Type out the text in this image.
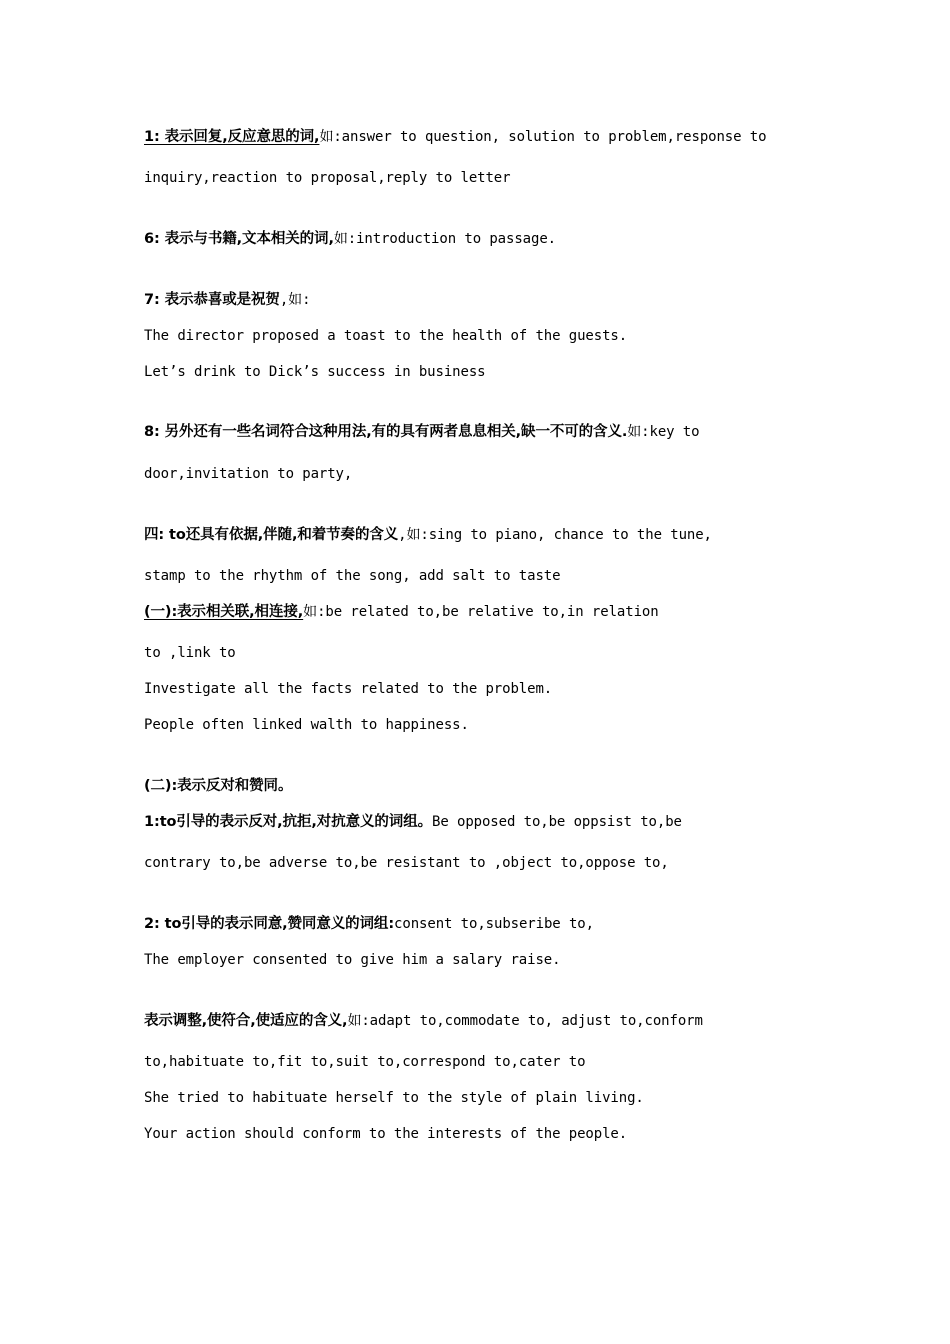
1: 表示回复,反应意思的词,如:answer to question, solution to problem,response to
inquiry,reaction to proposal,reply to letter
6: 表示与书籍,文本相关的词,如:introduction to passage.
7: 表示恭喜或是祝贺,如:
The director proposed a toast to the health of the guests.
Let’s drink to Dick’s success in business
8: 另外还有一些名词符合这种用法,有的具有两者息息相关,缺一不可的含义.如:key to
door,invitation to party,
四: to还具有依据,伴随,和着节奏的含义,如:sing to piano, chance to the tune,
stamp to the rhythm of the song, add salt to taste
(一):表示相关联,相连接,如:be related to,be relative to,in relation
to ,link to
Investigate all the facts related to the problem.
People often linked walth to happiness.
(二):表示反对和赞同。
1:to引导的表示反对,抗拒,对抗意义的词组。Be opposed to,be oppsist to,be
contrary to,be adverse to,be resistant to ,object to,oppose to,
2: to引导的表示同意,赞同意义的词组:consent to,subseribe to,
The employer consented to give him a salary raise.
表示调整,使符合,使适应的含义,如:adapt to,commodate to, adjust to,conform
to,habituate to,fit to,suit to,correspond to,cater to
She tried to habituate herself to the style of plain living.
Your action should conform to the interests of the people.
